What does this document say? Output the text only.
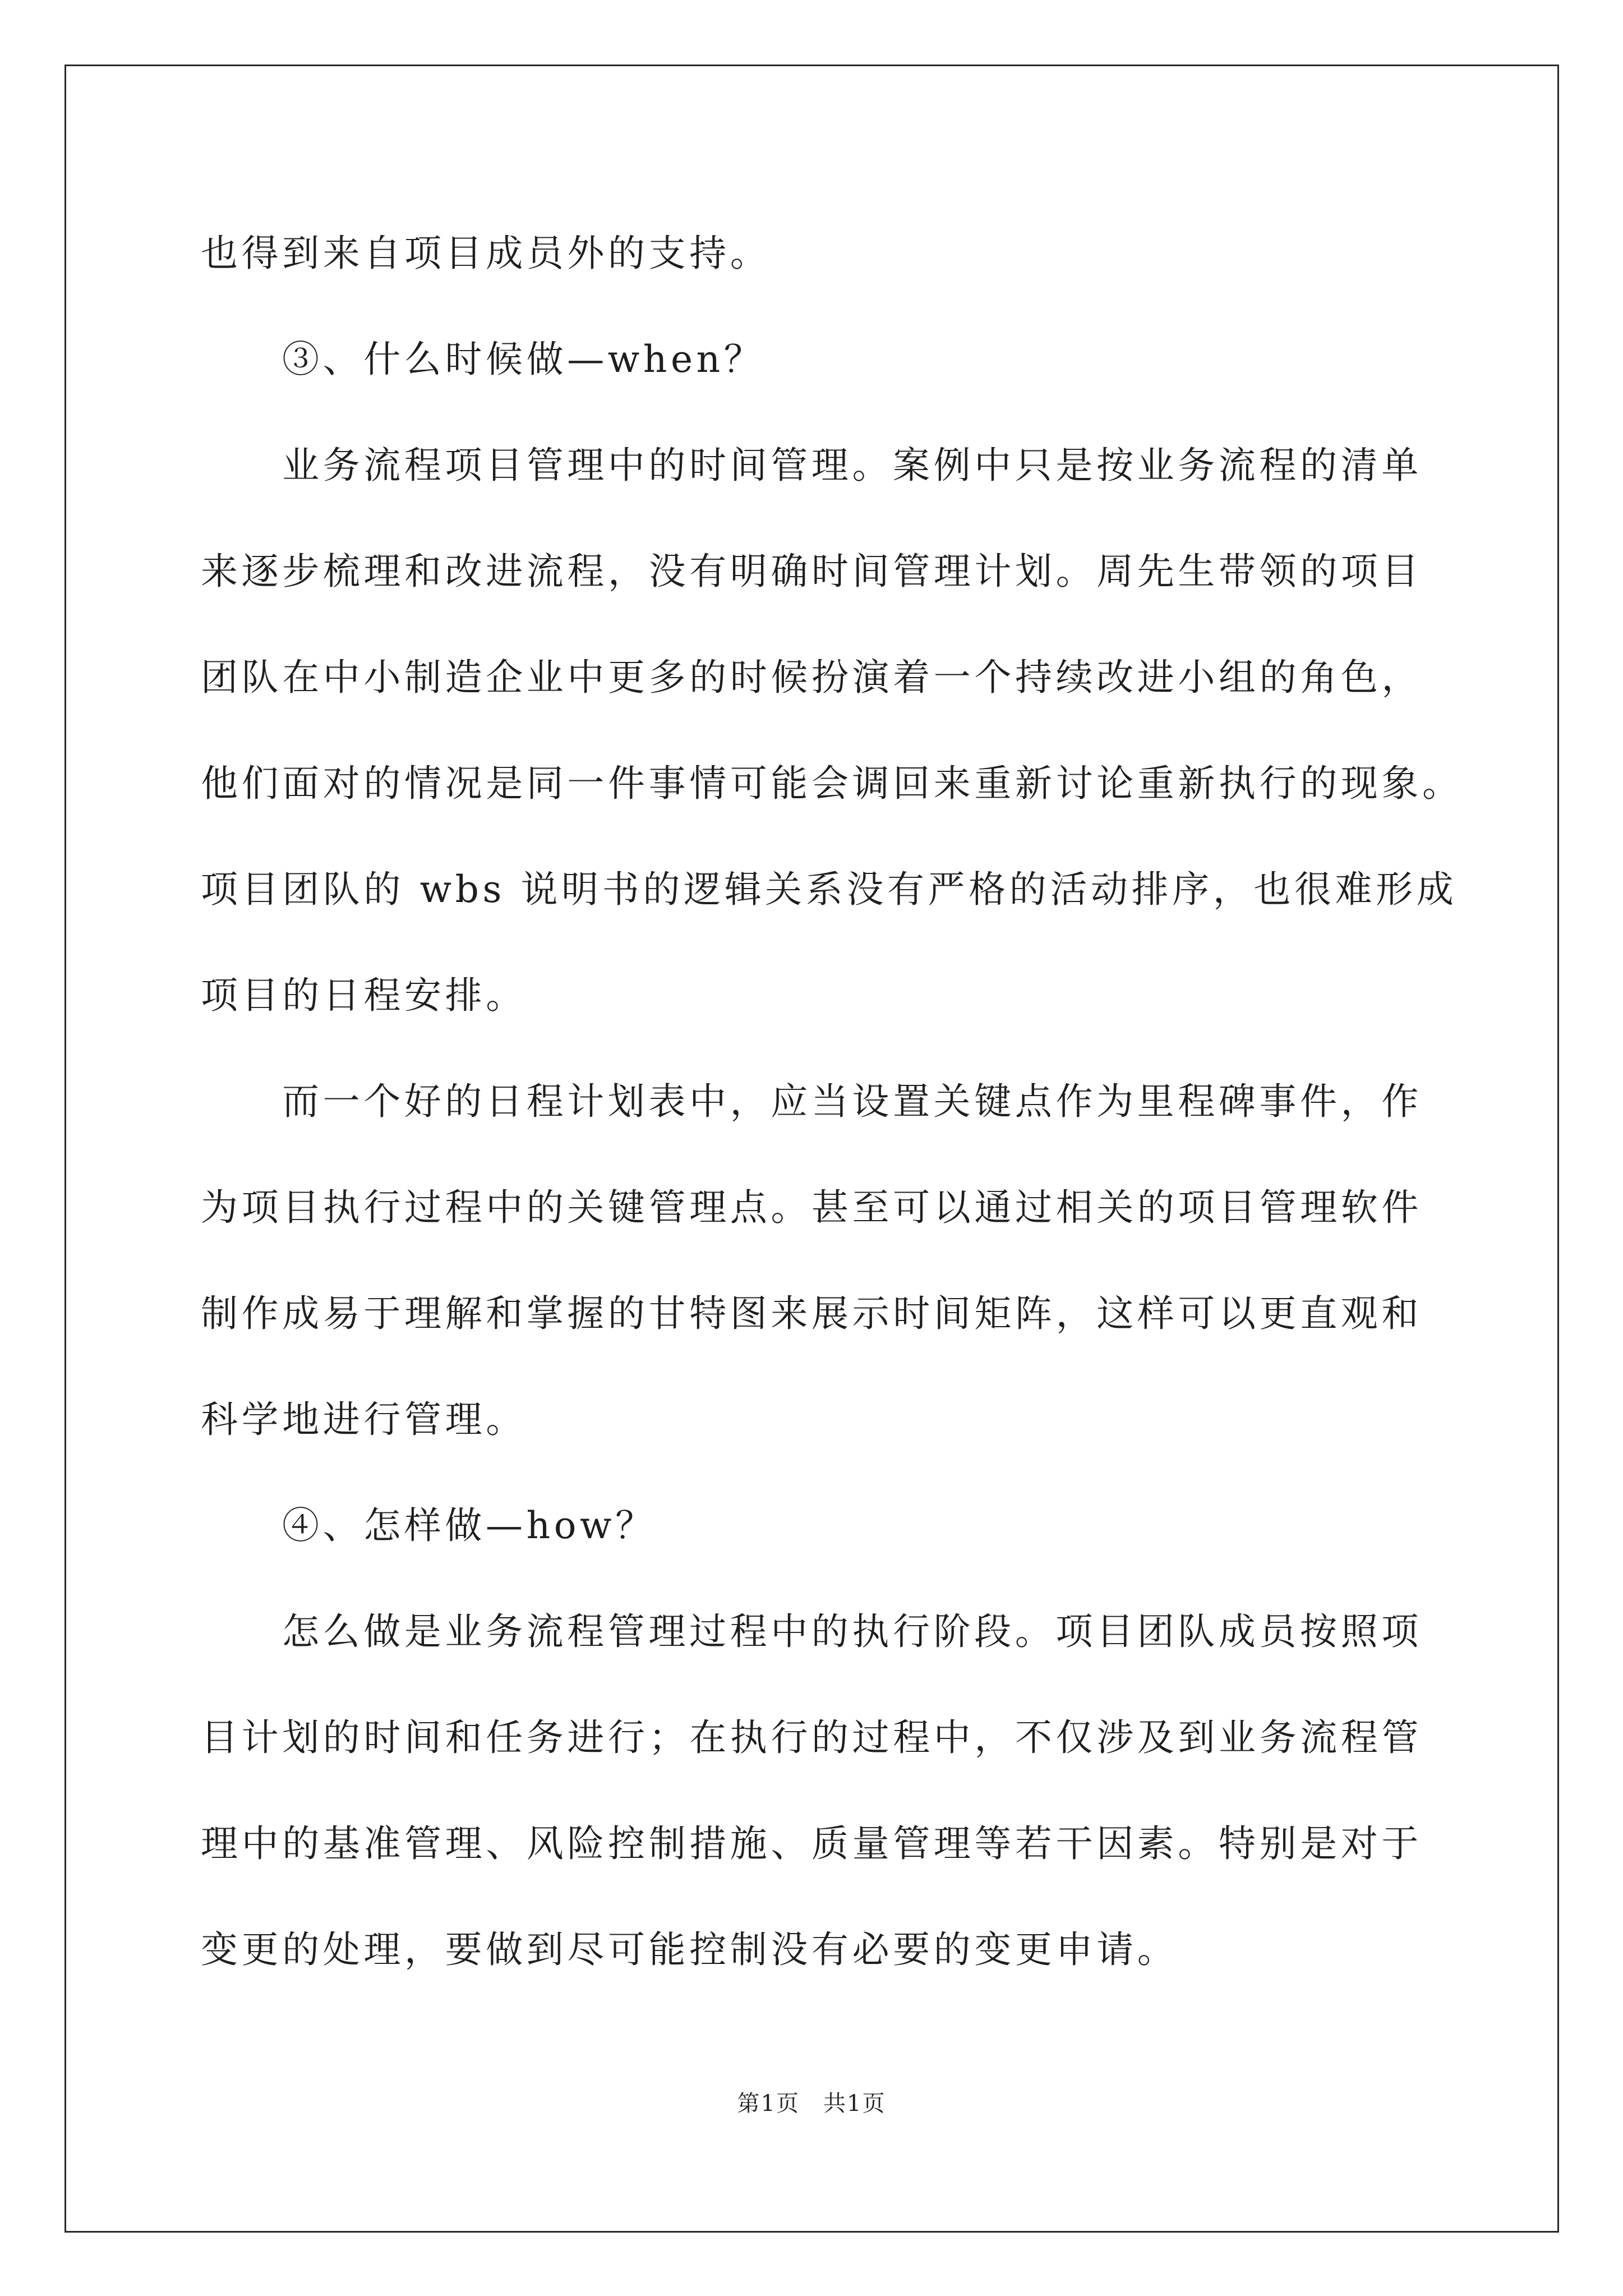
也得到来自项目成员外的支持。
③、什么时候做—when？
业务流程项目管理中的时间管理。案例中只是按业务流程的清单
来逐步梳理和改进流程，没有明确时间管理计划。周先生带领的项目
团队在中小制造企业中更多的时候扮演着一个持续改进小组的角色，
他们面对的情况是同一件事情可能会调回来重新讨论重新执行的现象。
项目团队的 wbs 说明书的逻辑关系没有严格的活动排序，也很难形成
项目的日程安排。
而一个好的日程计划表中，应当设置关键点作为里程碑事件，作
为项目执行过程中的关键管理点。甚至可以通过相关的项目管理软件
制作成易于理解和掌握的甘特图来展示时间矩阵，这样可以更直观和
科学地进行管理。
④、怎样做—how？
怎么做是业务流程管理过程中的执行阶段。项目团队成员按照项
目计划的时间和任务进行；在执行的过程中，不仅涉及到业务流程管
理中的基准管理、风险控制措施、质量管理等若干因素。特别是对于
变更的处理，要做到尽可能控制没有必要的变更申请。
第1页　共1页
